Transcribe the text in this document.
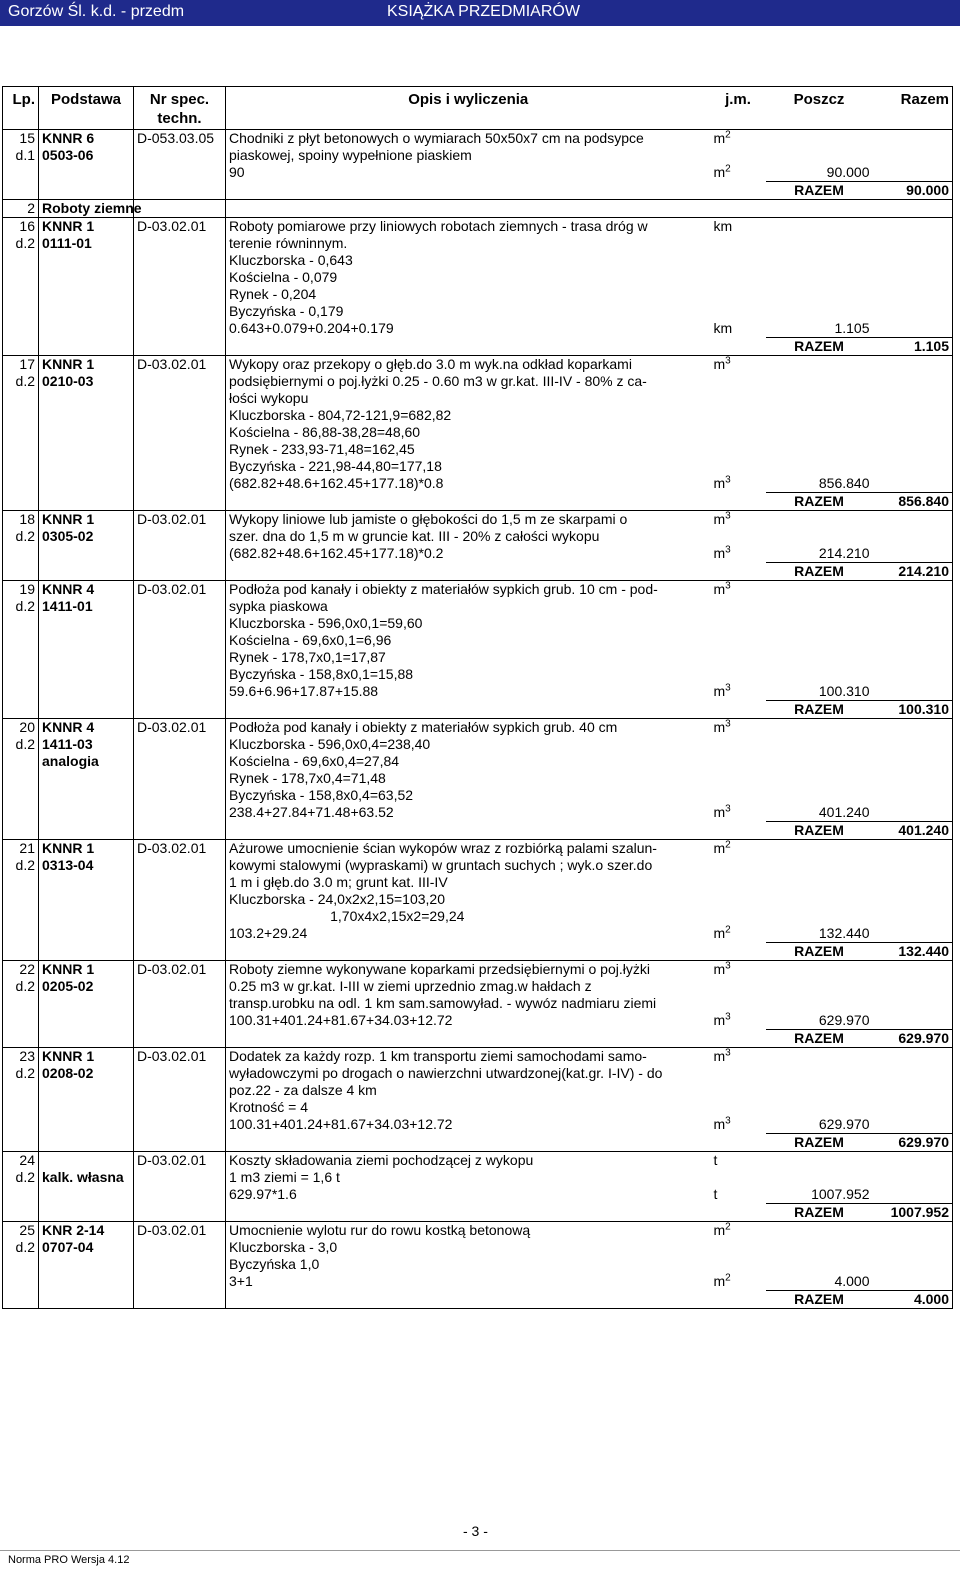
Gorzów Śl. k.d. - przedm	KSIĄŻKA PRZEDMIARÓW
Lp.	Podstawa	Nr spec. techn.	Opis i wyliczenia	j.m.	Poszcz	Razem
15	KNNR 6	D-053.03.05	Chodniki z płyt betonowych o wymiarach 50x50x7 cm na podsypce	$m^2$		
d.1	0503-06		piaskowej, spoiny wypełnione piaskiem			
			90	$m^2$	90.000	
					RAZEM	90.000
2	Roboty ziemne					
16	KNNR 1	D-03.02.01	Roboty pomiarowe przy liniowych robotach ziemnych - trasa dróg w	km		
d.2	0111-01		terenie równinnym.			
			Kluczborska - 0,643			
			Kościelna - 0,079			
			Rynek - 0,204			
			Byczyńska - 0,179			
			0.643+0.079+0.204+0.179	km	1.105	
					RAZEM	1.105
17	KNNR 1	D-03.02.01	Wykopy oraz przekopy o głęb.do 3.0 m wyk.na odkład koparkami	$m^3$		
d.2	0210-03		podsiębiernymi o poj.łyżki 0.25 - 0.60 m3 w gr.kat. III-IV - 80% z ca-			
			łości wykopu			
			Kluczborska - 804,72-121,9=682,82			
			Kościelna - 86,88-38,28=48,60			
			Rynek - 233,93-71,48=162,45			
			Byczyńska - 221,98-44,80=177,18			
			(682.82+48.6+162.45+177.18)*0.8	$m^3$	856.840	
					RAZEM	856.840
18	KNNR 1	D-03.02.01	Wykopy liniowe lub jamiste o głębokości do 1,5 m ze skarpami o	$m^3$		
d.2	0305-02		szer. dna do 1,5 m w gruncie kat. III - 20% z całości wykopu			
			(682.82+48.6+162.45+177.18)*0.2	$m^3$	214.210	
					RAZEM	214.210
19	KNNR 4	D-03.02.01	Podłoża pod kanały i obiekty z materiałów sypkich grub. 10 cm - pod-	$m^3$		
d.2	1411-01		sypka piaskowa			
			Kluczborska - 596,0x0,1=59,60			
			Kościelna - 69,6x0,1=6,96			
			Rynek - 178,7x0,1=17,87			
			Byczyńska - 158,8x0,1=15,88			
			59.6+6.96+17.87+15.88	$m^3$	100.310	
					RAZEM	100.310
20	KNNR 4	D-03.02.01	Podłoża pod kanały i obiekty z materiałów sypkich grub. 40 cm	$m^3$		
d.2	1411-03		Kluczborska - 596,0x0,4=238,40			
	analogia		Kościelna - 69,6x0,4=27,84			
			Rynek - 178,7x0,4=71,48			
			Byczyńska - 158,8x0,4=63,52			
			238.4+27.84+71.48+63.52	$m^3$	401.240	
					RAZEM	401.240
21	KNNR 1	D-03.02.01	Ażurowe umocnienie ścian wykopów wraz z rozbiórką palami szalun-	$m^2$		
d.2	0313-04		kowymi stalowymi (wypraskami) w gruntach suchych ; wyk.o szer.do			
			1 m i głęb.do 3.0 m; grunt kat. III-IV			
			Kluczborska - 24,0x2x2,15=103,20			
			1,70x4x2,15x2=29,24			
			103.2+29.24	$m^2$	132.440	
					RAZEM	132.440
22	KNNR 1	D-03.02.01	Roboty ziemne wykonywane koparkami przedsiębiernymi o poj.łyżki	$m^3$		
d.2	0205-02		0.25 m3 w gr.kat. I-III w ziemi uprzednio zmag.w hałdach z			
			transp.urobku na odl. 1 km sam.samowyład. - wywóz nadmiaru ziemi			
			100.31+401.24+81.67+34.03+12.72	$m^3$	629.970	
					RAZEM	629.970
23	KNNR 1	D-03.02.01	Dodatek za każdy rozp. 1 km transportu ziemi samochodami samo-	$m^3$		
d.2	0208-02		wyładowczymi po drogach o nawierzchni utwardzonej(kat.gr. I-IV) - do			
			poz.22 - za dalsze 4 km			
			Krotność = 4			
			100.31+401.24+81.67+34.03+12.72	$m^3$	629.970	
					RAZEM	629.970
24		D-03.02.01	Koszty składowania ziemi pochodzącej z wykopu	t		
d.2	kalk. własna		1 m3 ziemi = 1,6 t			
			629.97*1.6	t	1007.952	
					RAZEM	1007.952
25	KNR 2-14	D-03.02.01	Umocnienie wylotu rur do rowu kostką betonową	$m^2$		
d.2	0707-04		Kluczborska - 3,0			
			Byczyńska 1,0			
			3+1	$m^2$	4.000	
					RAZEM	4.000
- 3 -
Norma PRO Wersja 4.12
